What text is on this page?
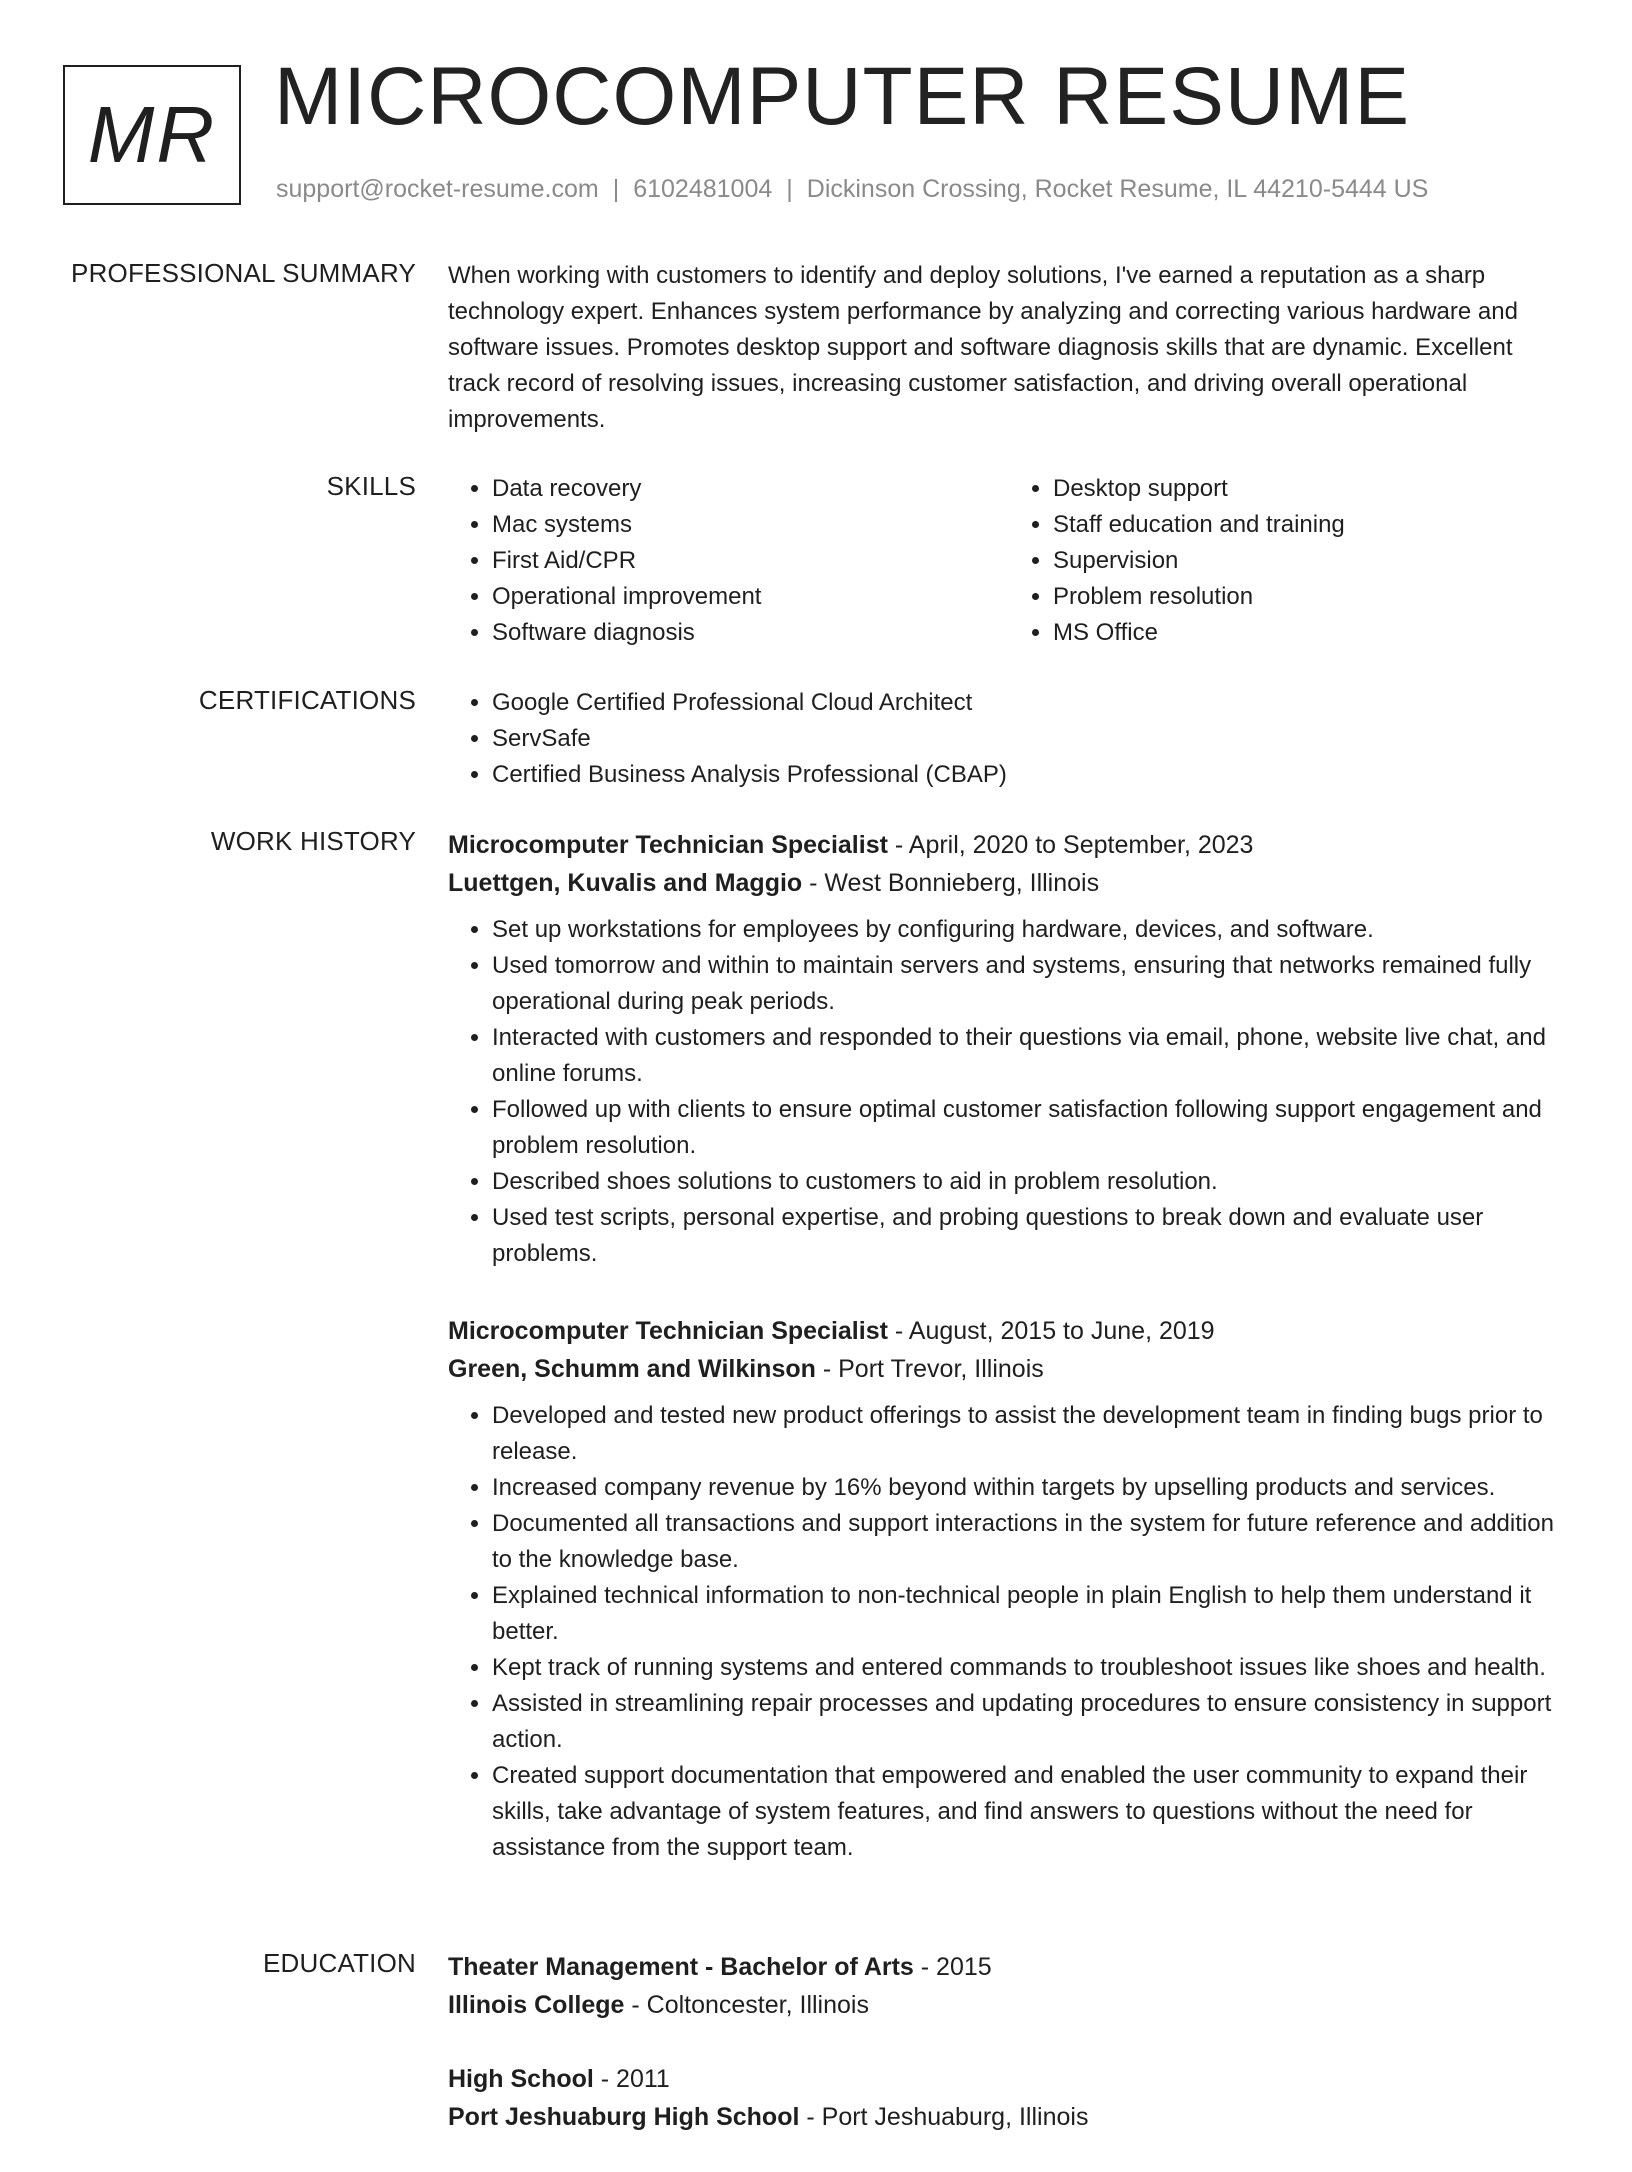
MR MICROCOMPUTER RESUME
support@rocket-resume.com | 6102481004 | Dickinson Crossing, Rocket Resume, IL 44210-5444 US
PROFESSIONAL SUMMARY When working with customers to identify and deploy solutions, I've earned a reputation as a sharp technology expert. Enhances system performance by analyzing and correcting various hardware and software issues. Promotes desktop support and software diagnosis skills that are dynamic. Excellent track record of resolving issues, increasing customer satisfaction, and driving overall operational improvements.

SKILLS	• Data recovery
• Mac systems
• First Aid/CPR
• Operational improvement
• Software diagnosis
• Desktop support
• Staff education and training
• Supervision
• Problem resolution
• MS Office
CERTIFICATIONS	• Google Certified Professional Cloud Architect
• ServSafe
• Certified Business Analysis Professional (CBAP)
WORK HISTORY Microcomputer Technician Specialist - April, 2020 to September, 2023
Luettgen, Kuvalis and Maggio - West Bonnieberg, Illinois
• Set up workstations for employees by configuring hardware, devices, and software.
• Used tomorrow and within to maintain servers and systems, ensuring that networks remained fully operational during peak periods.
• Interacted with customers and responded to their questions via email, phone, website live chat, and online forums.
• Followed up with clients to ensure optimal customer satisfaction following support engagement and problem resolution.
• Described shoes solutions to customers to aid in problem resolution.
• Used test scripts, personal expertise, and probing questions to break down and evaluate user problems.
Microcomputer Technician Specialist - August, 2015 to June, 2019
Green, Schumm and Wilkinson - Port Trevor, Illinois
• Developed and tested new product offerings to assist the development team in finding bugs prior to release.
• Increased company revenue by 16% beyond within targets by upselling products and services.
• Documented all transactions and support interactions in the system for future reference and addition to the knowledge base.
• Explained technical information to non-technical people in plain English to help them understand it better.
• Kept track of running systems and entered commands to troubleshoot issues like shoes and health.
• Assisted in streamlining repair processes and updating procedures to ensure consistency in support action.
• Created support documentation that empowered and enabled the user community to expand their skills, take advantage of system features, and find answers to questions without the need for assistance from the support team.
EDUCATION Theater Management - Bachelor of Arts - 2015
Illinois College - Coltoncester, Illinois
High School - 2011
Port Jeshuaburg High School - Port Jeshuaburg, Illinois
